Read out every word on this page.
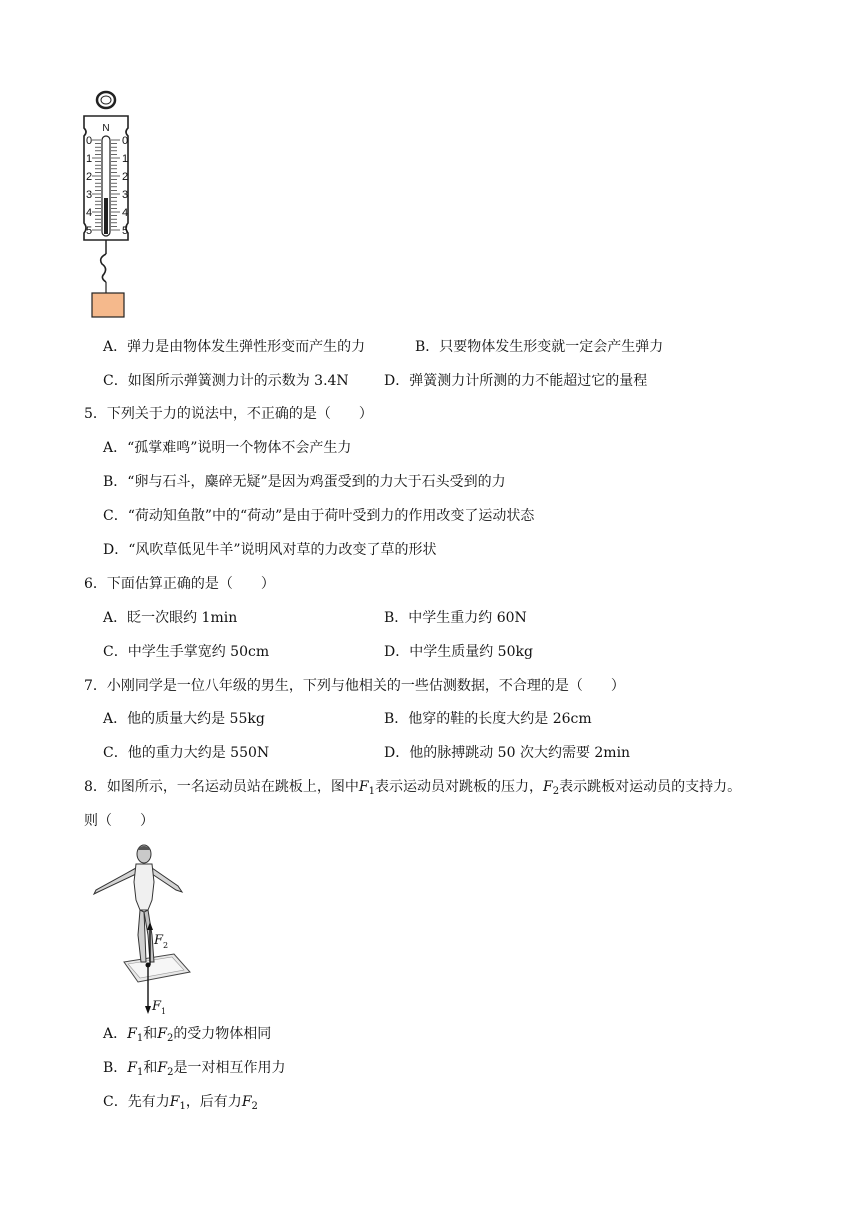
N
0	0
1	1
2	2
3	3
4	4
5	5
A．弹力是由物体发生弹性形变而产生的力	B．只要物体发生形变就一定会产生弹力
C．如图所示弹簧测力计的示数为 3.4N	D．弹簧测力计所测的力不能超过它的量程
5．下列关于力的说法中，不正确的是（　　）
A．“孤掌难鸣”说明一个物体不会产生力
B．“卵与石斗，麋碎无疑”是因为鸡蛋受到的力大于石头受到的力
C．“荷动知鱼散”中的“荷动”是由于荷叶受到力的作用改变了运动状态
D．“风吹草低见牛羊”说明风对草的力改变了草的形状
6．下面估算正确的是（　　）
A．眨一次眼约 1min	B．中学生重力约 60N
C．中学生手掌宽约 50cm	D．中学生质量约 50kg
7．小刚同学是一位八年级的男生，下列与他相关的一些估测数据，不合理的是（　　）
A．他的质量大约是 55kg	B．他穿的鞋的长度大约是 26cm
C．他的重力大约是 550N	D．他的脉搏跳动 50 次大约需要 2min
8．如图所示，一名运动员站在跳板上，图中$F_1$表示运动员对跳板的压力，$F_2$表示跳板对运动员的支持力。
则（　　）
F 2
F 1
A．$F_1$和$F_2$的受力物体相同
B．$F_1$和$F_2$是一对相互作用力
C．先有力$F_1$，后有力$F_2$
